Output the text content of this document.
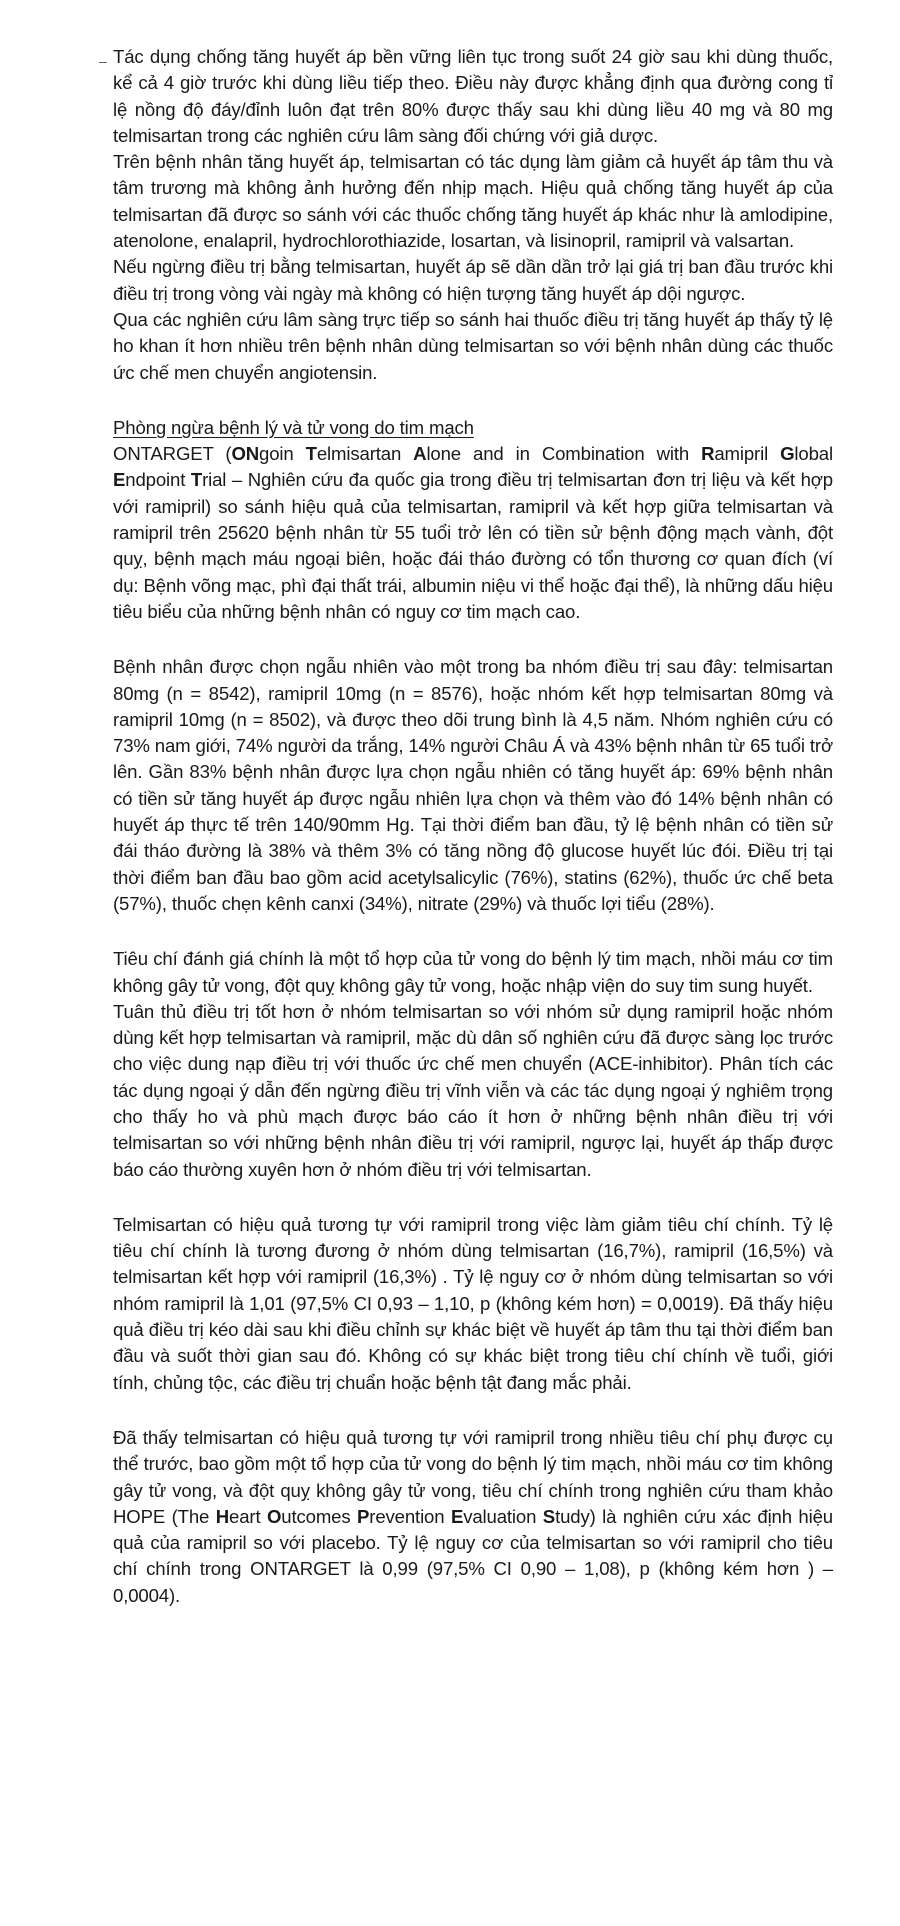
– Tác dụng chống tăng huyết áp bền vững liên tục trong suốt 24 giờ sau khi dùng thuốc, kể cả 4 giờ trước khi dùng liều tiếp theo. Điều này được khẳng định qua đường cong tỉ lệ nồng độ đáy/đỉnh luôn đạt trên 80% được thấy sau khi dùng liều 40 mg và 80 mg telmisartan trong các nghiên cứu lâm sàng đối chứng với giả dược.

Trên bệnh nhân tăng huyết áp, telmisartan có tác dụng làm giảm cả huyết áp tâm thu và tâm trương mà không ảnh hưởng đến nhịp mạch. Hiệu quả chống tăng huyết áp của telmisartan đã được so sánh với các thuốc chống tăng huyết áp khác như là amlodipine, atenolone, enalapril, hydrochlorothiazide, losartan, và lisinopril, ramipril và valsartan.

Nếu ngừng điều trị bằng telmisartan, huyết áp sẽ dần dần trở lại giá trị ban đầu trước khi điều trị trong vòng vài ngày mà không có hiện tượng tăng huyết áp dội ngược.

Qua các nghiên cứu lâm sàng trực tiếp so sánh hai thuốc điều trị tăng huyết áp thấy tỷ lệ ho khan ít hơn nhiều trên bệnh nhân dùng telmisartan so với bệnh nhân dùng các thuốc ức chế men chuyển angiotensin.

Phòng ngừa bệnh lý và tử vong do tim mạch

ONTARGET (ONgoin Telmisartan Alone and in Combination with Ramipril Global Endpoint Trial – Nghiên cứu đa quốc gia trong điều trị telmisartan đơn trị liệu và kết hợp với ramipril) so sánh hiệu quả của telmisartan, ramipril và kết hợp giữa telmisartan và ramipril trên 25620 bệnh nhân từ 55 tuổi trở lên có tiền sử bệnh động mạch vành, đột quỵ, bệnh mạch máu ngoại biên, hoặc đái tháo đường có tổn thương cơ quan đích (ví dụ: Bệnh võng mạc, phì đại thất trái, albumin niệu vi thể hoặc đại thể), là những dấu hiệu tiêu biểu của những bệnh nhân có nguy cơ tim mạch cao.

Bệnh nhân được chọn ngẫu nhiên vào một trong ba nhóm điều trị sau đây: telmisartan 80mg (n = 8542), ramipril 10mg (n = 8576), hoặc nhóm kết hợp telmisartan 80mg và ramipril 10mg (n = 8502), và được theo dõi trung bình là 4,5 năm. Nhóm nghiên cứu có 73% nam giới, 74% người da trắng, 14% người Châu Á và 43% bệnh nhân từ 65 tuổi trở lên. Gần 83% bệnh nhân được lựa chọn ngẫu nhiên có tăng huyết áp: 69% bệnh nhân có tiền sử tăng huyết áp được ngẫu nhiên lựa chọn và thêm vào đó 14% bệnh nhân có huyết áp thực tế trên 140/90mm Hg. Tại thời điểm ban đầu, tỷ lệ bệnh nhân có tiền sử đái tháo đường là 38% và thêm 3% có tăng nồng độ glucose huyết lúc đói. Điều trị tại thời điểm ban đầu bao gồm acid acetylsalicylic (76%), statins (62%), thuốc ức chế beta (57%), thuốc chẹn kênh canxi (34%), nitrate (29%) và thuốc lợi tiểu (28%).

Tiêu chí đánh giá chính là một tổ hợp của tử vong do bệnh lý tim mạch, nhồi máu cơ tim không gây tử vong, đột quỵ không gây tử vong, hoặc nhập viện do suy tim sung huyết.

Tuân thủ điều trị tốt hơn ở nhóm telmisartan so với nhóm sử dụng ramipril hoặc nhóm dùng kết hợp telmisartan và ramipril, mặc dù dân số nghiên cứu đã được sàng lọc trước cho việc dung nạp điều trị với thuốc ức chế men chuyển (ACE-inhibitor). Phân tích các tác dụng ngoại ý dẫn đến ngừng điều trị vĩnh viễn và các tác dụng ngoại ý nghiêm trọng cho thấy ho và phù mạch được báo cáo ít hơn ở những bệnh nhân điều trị với telmisartan so với những bệnh nhân điều trị với ramipril, ngược lại, huyết áp thấp được báo cáo thường xuyên hơn ở nhóm điều trị với telmisartan.

Telmisartan có hiệu quả tương tự với ramipril trong việc làm giảm tiêu chí chính. Tỷ lệ tiêu chí chính là tương đương ở nhóm dùng telmisartan (16,7%), ramipril (16,5%) và telmisartan kết hợp với ramipril (16,3%) . Tỷ lệ nguy cơ ở nhóm dùng telmisartan so với nhóm ramipril là 1,01 (97,5% CI 0,93 – 1,10, p (không kém hơn) = 0,0019). Đã thấy hiệu quả điều trị kéo dài sau khi điều chỉnh sự khác biệt về huyết áp tâm thu tại thời điểm ban đầu và suốt thời gian sau đó. Không có sự khác biệt trong tiêu chí chính về tuổi, giới tính, chủng tộc, các điều trị chuẩn hoặc bệnh tật đang mắc phải.

Đã thấy telmisartan có hiệu quả tương tự với ramipril trong nhiều tiêu chí phụ được cụ thể trước, bao gồm một tổ hợp của tử vong do bệnh lý tim mạch, nhồi máu cơ tim không gây tử vong, và đột quỵ không gây tử vong, tiêu chí chính trong nghiên cứu tham khảo HOPE (The Heart Outcomes Prevention Evaluation Study) là nghiên cứu xác định hiệu quả của ramipril so với placebo. Tỷ lệ nguy cơ của telmisartan so với ramipril cho tiêu chí chính trong ONTARGET là 0,99 (97,5% CI 0,90 – 1,08), p (không kém hơn ) – 0,0004).
